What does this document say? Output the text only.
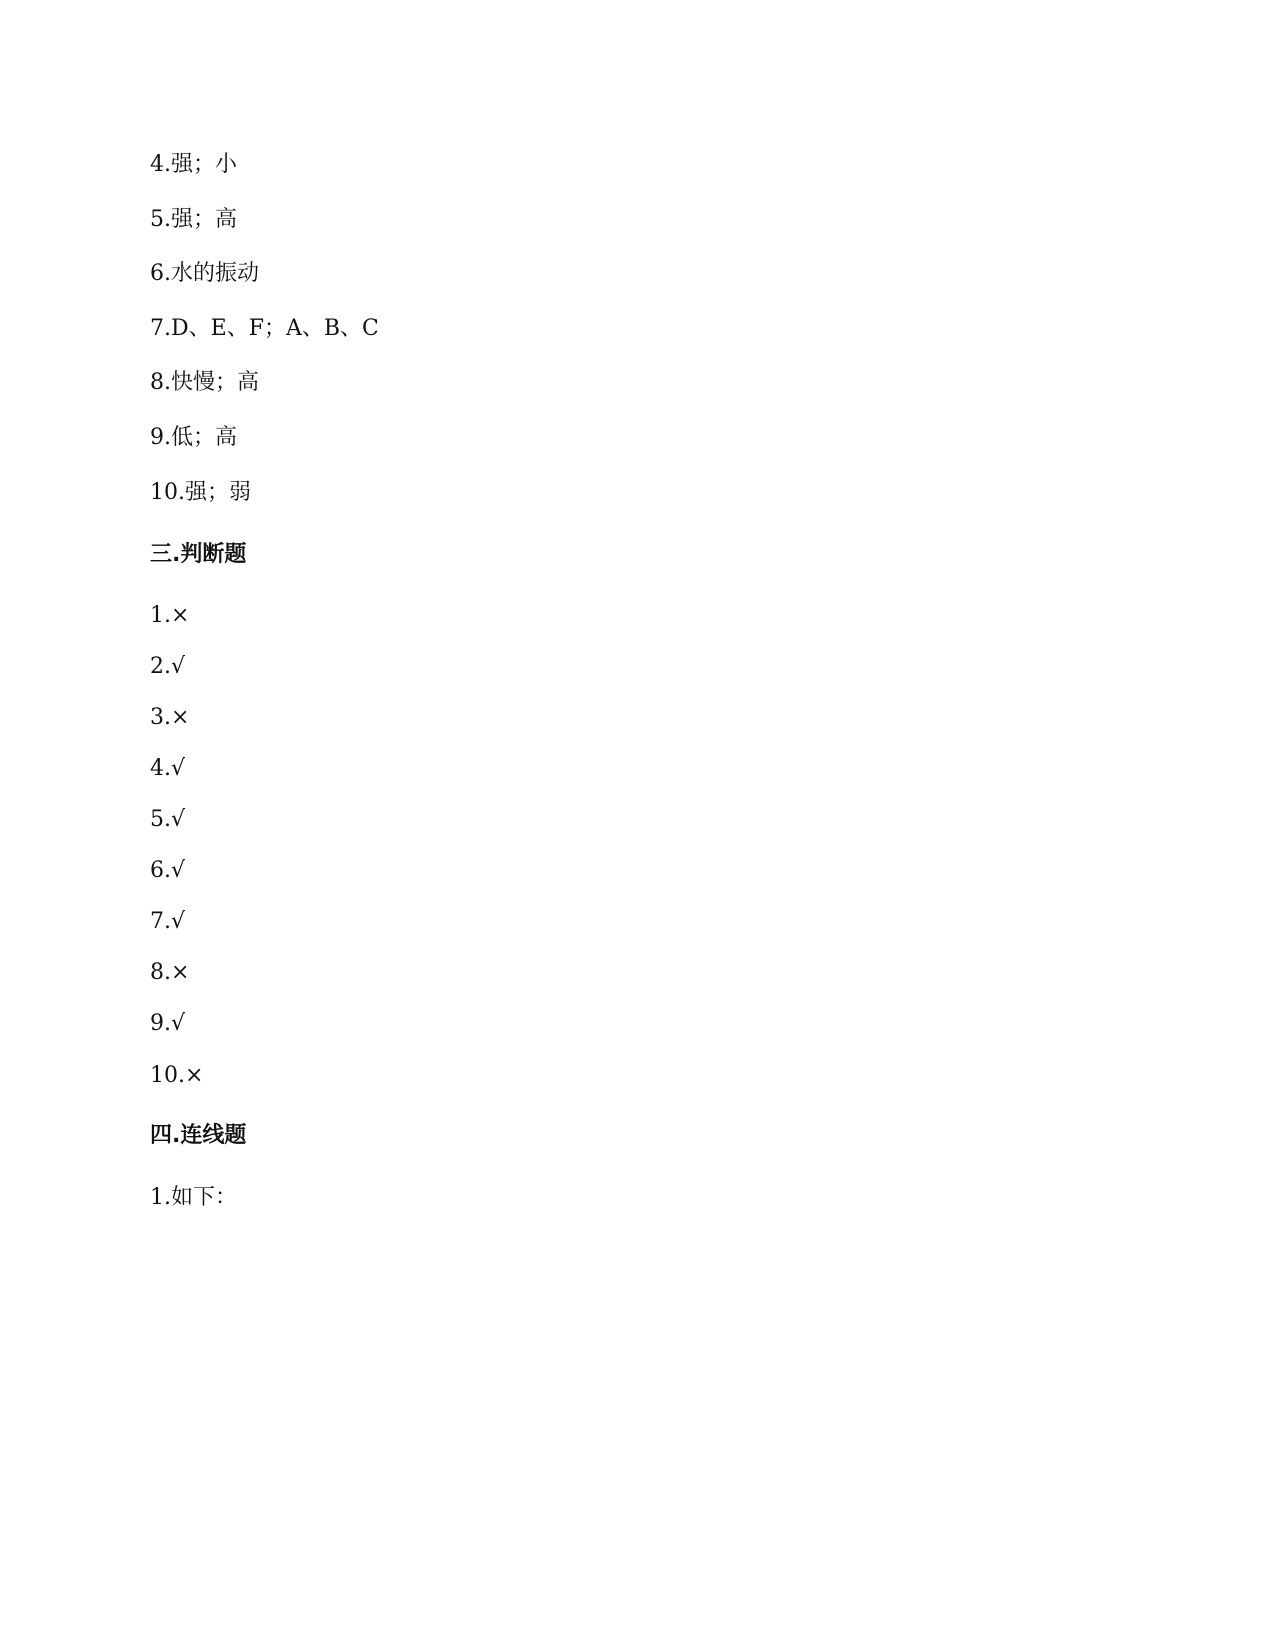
4.强；小
5.强；高
6.水的振动
7.D、E、F；A、B、C
8.快慢；高
9.低；高
10.强；弱
三.判断题
1.×
2.√
3.×
4.√
5.√
6.√
7.√
8.×
9.√
10.×
四.连线题
1.如下：
